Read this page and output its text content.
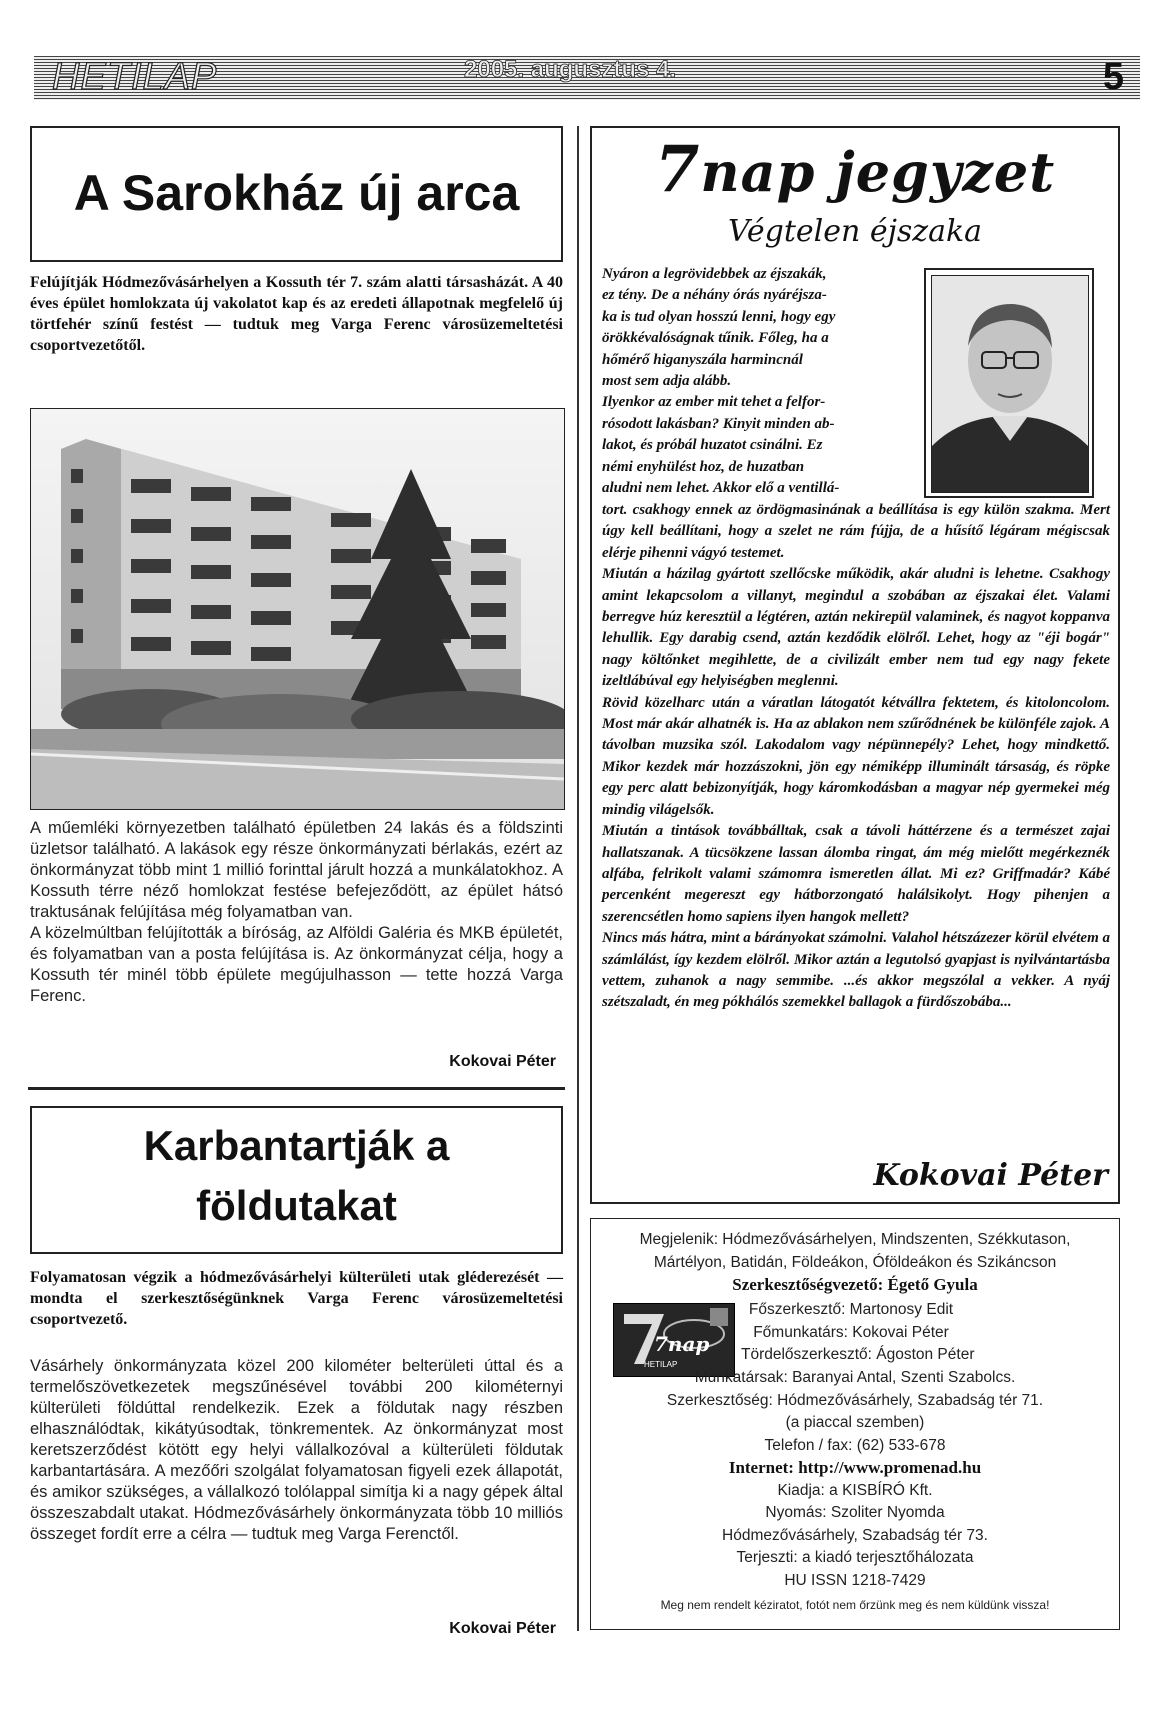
HETILAP	2005. augusztus 4.	5
A Sarokház új arca
Felújítják Hódmezővásárhelyen a Kossuth tér 7. szám alatti társasházát. A 40 éves épület homlokzata új vakolatot kap és az eredeti állapotnak megfelelő új törtfehér színű festést — tudtuk meg Varga Ferenc városüzemeltetési csoportvezetőtől.

A műemléki környezetben található épületben 24 lakás és a földszinti üzletsor található. A lakások egy része önkormányzati bérlakás, ezért az önkormányzat több mint 1 millió forinttal járult hozzá a munkálatokhoz. A Kossuth térre néző homlokzat festése befejeződött, az épület hátsó traktusának felújítása még folyamatban van.

A közelmúltban felújították a bíróság, az Alföldi Galéria és MKB épületét, és folyamatban van a posta felújítása is. Az önkormányzat célja, hogy a Kossuth tér minél több épülete megújulhasson — tette hozzá Varga Ferenc.

Kokovai Péter
Karbantartják a
földutakat
Folyamatosan végzik a hódmezővásárhelyi külterületi utak gléderezését — mondta el szerkesztőségünknek Varga Ferenc városüzemeltetési csoportvezető.

Vásárhely önkormányzata közel 200 kilométer belterületi úttal és a termelőszövetkezetek megszűnésével további 200 kilométernyi külterületi földúttal rendelkezik. Ezek a földutak nagy részben elhasználódtak, kikátyúsodtak, tönkrementek. Az önkormányzat most keretszerződést kötött egy helyi vállalkozóval a külterületi földutak karbantartására. A mezőőri szolgálat folyamatosan figyeli ezek állapotát, és amikor szükséges, a vállalkozó tolólappal simítja ki a nagy gépek által összeszabdalt utakat. Hódmezővásárhely önkormányzata több 10 milliós összeget fordít erre a célra — tudtuk meg Varga Ferenctől.

Kokovai Péter
7nap jegyzet
Végtelen éjszaka

Nyáron a legrövidebbek az éjszakák,

ez tény. De a néhány órás nyáréjsza-

ka is tud olyan hosszú lenni, hogy egy

örökkévalóságnak tűnik. Főleg, ha a

hőmérő higanyszála harmincnál

most sem adja alább.

Ilyenkor az ember mit tehet a felfor-

rósodott lakásban? Kinyit minden ab-

lakot, és próbál huzatot csinálni. Ez

némi enyhülést hoz, de huzatban

aludni nem lehet. Akkor elő a ventillá-

tort. csakhogy ennek az ördögmasinának a beállítása is egy külön szakma. Mert úgy kell beállítani, hogy a szelet ne rám fújja, de a hűsítő légáram mégiscsak elérje pihenni vágyó testemet.

Miután a házilag gyártott szellőcske működik, akár aludni is lehetne. Csakhogy amint lekapcsolom a villanyt, megindul a szobában az éjszakai élet. Valami berregve húz keresztül a légtéren, aztán nekirepül valaminek, és nagyot koppanva lehullik. Egy darabig csend, aztán kezdődik elölről. Lehet, hogy az "éji bogár" nagy költőnket megihlette, de a civilizált ember nem tud egy nagy fekete izeltlábúval egy helyiségben meglenni.

Rövid közelharc után a váratlan látogatót kétvállra fektetem, és kitoloncolom. Most már akár alhatnék is. Ha az ablakon nem szűrődnének be különféle zajok. A távolban muzsika szól. Lakodalom vagy népünnepély? Lehet, hogy mindkettő. Mikor kezdek már hozzászokni, jön egy némiképp illuminált társaság, és röpke egy perc alatt bebizonyítják, hogy káromkodásban a magyar nép gyermekei még mindig világelsők.

Miután a tintások továbbálltak, csak a távoli háttérzene és a természet zajai hallatszanak. A tücsökzene lassan álomba ringat, ám még mielőtt megérkeznék alfába, felrikolt valami számomra ismeretlen állat. Mi ez? Griffmadár? Kábé percenként megereszt egy hátborzongató halálsikolyt. Hogy pihenjen a szerencsétlen homo sapiens ilyen hangok mellett?

Nincs más hátra, mint a bárányokat számolni. Valahol hétszázezer körül elvétem a számlálást, így kezdem elölről. Mikor aztán a legutolsó gyapjast is nyilvántartásba vettem, zuhanok a nagy semmibe. ...és akkor megszólal a vekker. A nyáj szétszaladt, én meg pókhálós szemekkel ballagok a fürdőszobába...

Kokovai Péter
Megjelenik: Hódmezővásárhelyen, Mindszenten, Székkutason,
Mártélyon, Batidán, Földeákon, Óföldeákon és Szikáncson
Szerkesztőségvezető: Égető Gyula
7nap
HETILAP
Főszerkesztő: Martonosy Edit
Főmunkatárs: Kokovai Péter
Tördelőszerkesztő: Ágoston Péter
Munkatársak: Baranyai Antal, Szenti Szabolcs.
Szerkesztőség: Hódmezővásárhely, Szabadság tér 71.
(a piaccal szemben)
Telefon / fax: (62) 533-678
Internet: http://www.promenad.hu
Kiadja: a KISBÍRÓ Kft.
Nyomás: Szoliter Nyomda
Hódmezővásárhely, Szabadság tér 73.
Terjeszti: a kiadó terjesztőhálozata
HU ISSN 1218-7429
Meg nem rendelt kéziratot, fotót nem őrzünk meg és nem küldünk vissza!
